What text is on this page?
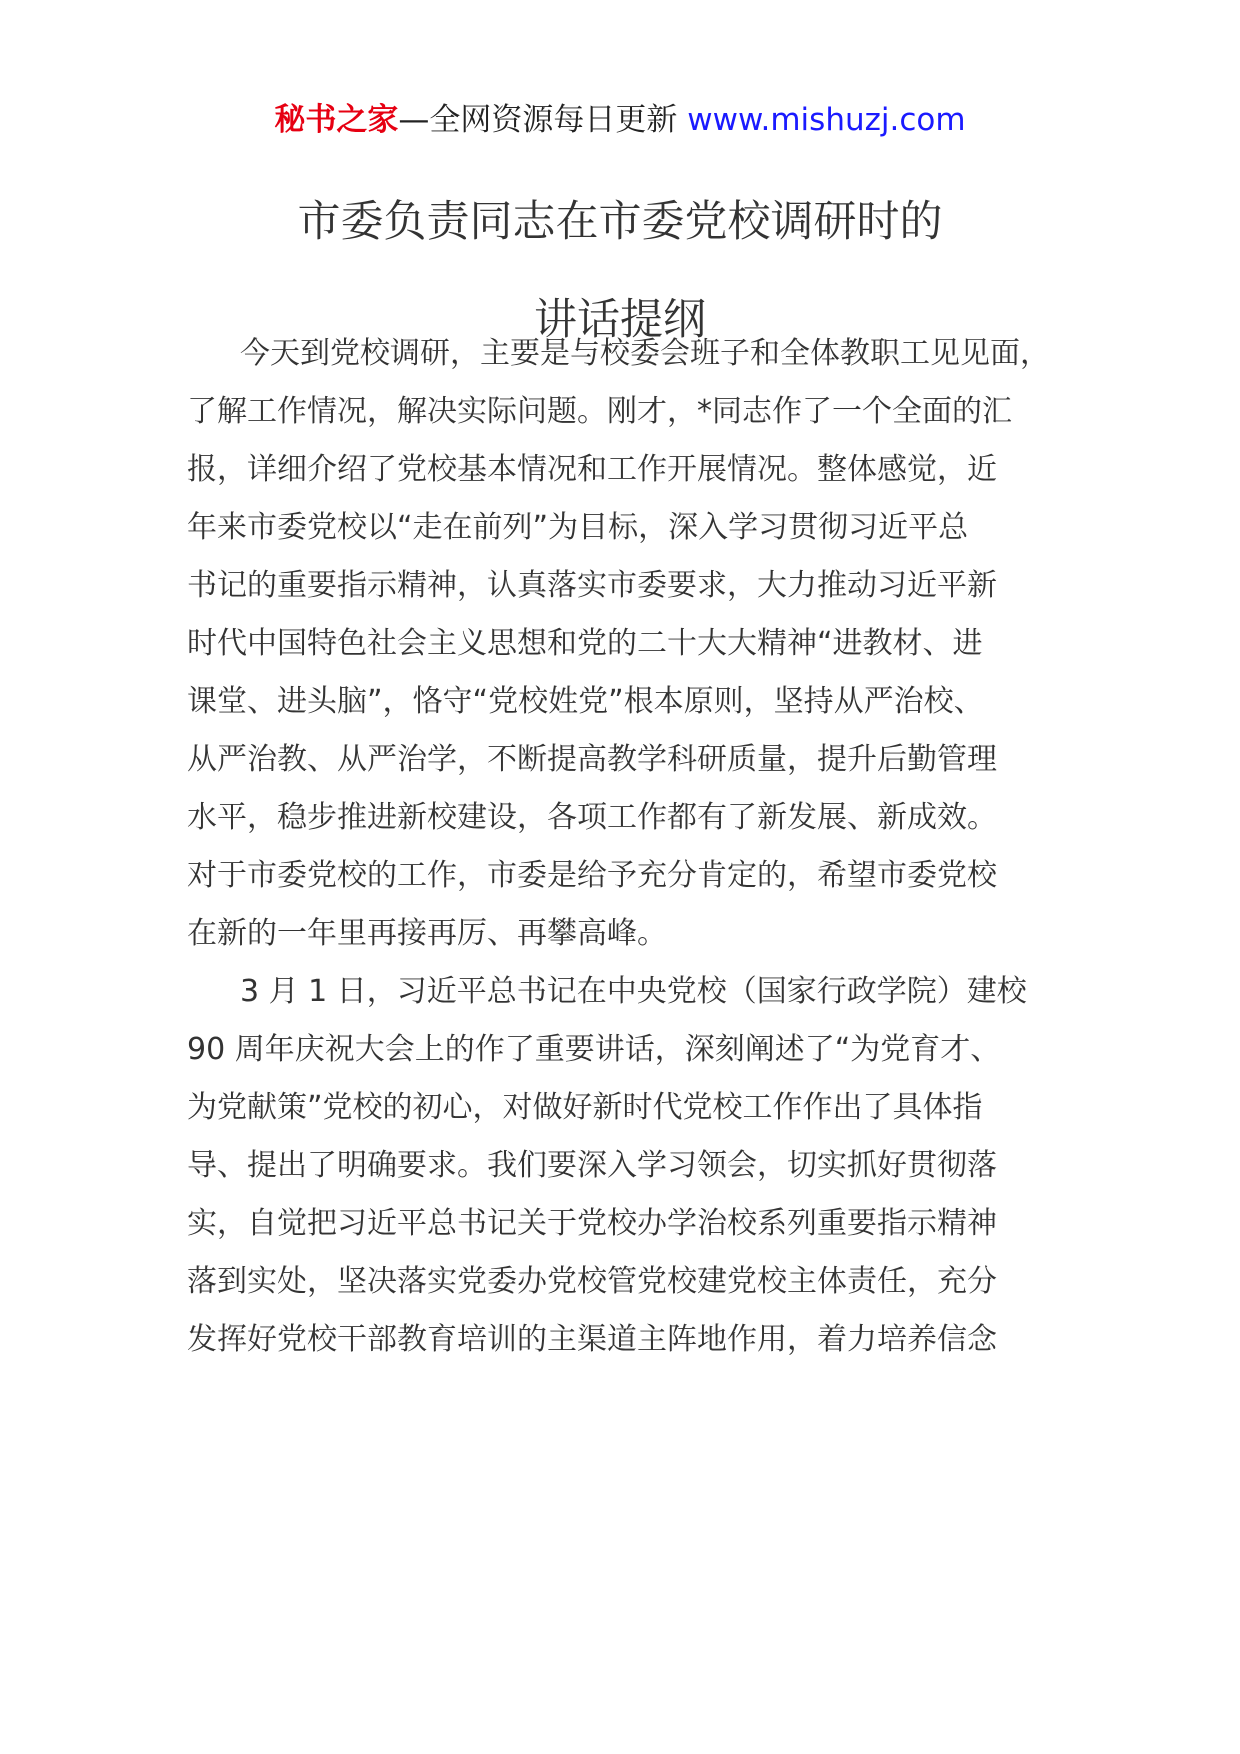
秘书之家—全网资源每日更新 www.mishuzj.com
市委负责同志在市委党校调研时的
讲话提纲

今天到党校调研，主要是与校委会班子和全体教职工见见面，

了解工作情况，解决实际问题。刚才，*同志作了一个全面的汇

报，详细介绍了党校基本情况和工作开展情况。整体感觉，近

年来市委党校以“走在前列”为目标，深入学习贯彻习近平总

书记的重要指示精神，认真落实市委要求，大力推动习近平新

时代中国特色社会主义思想和党的二十大大精神“进教材、进

课堂、进头脑”，恪守“党校姓党”根本原则，坚持从严治校、

从严治教、从严治学，不断提高教学科研质量，提升后勤管理

水平，稳步推进新校建设，各项工作都有了新发展、新成效。

对于市委党校的工作，市委是给予充分肯定的，希望市委党校

在新的一年里再接再厉、再攀高峰。

3 月 1 日，习近平总书记在中央党校（国家行政学院）建校

90 周年庆祝大会上的作了重要讲话，深刻阐述了“为党育才、

为党献策”党校的初心，对做好新时代党校工作作出了具体指

导、提出了明确要求。我们要深入学习领会，切实抓好贯彻落

实，自觉把习近平总书记关于党校办学治校系列重要指示精神

落到实处，坚决落实党委办党校管党校建党校主体责任，充分

发挥好党校干部教育培训的主渠道主阵地作用，着力培养信念
